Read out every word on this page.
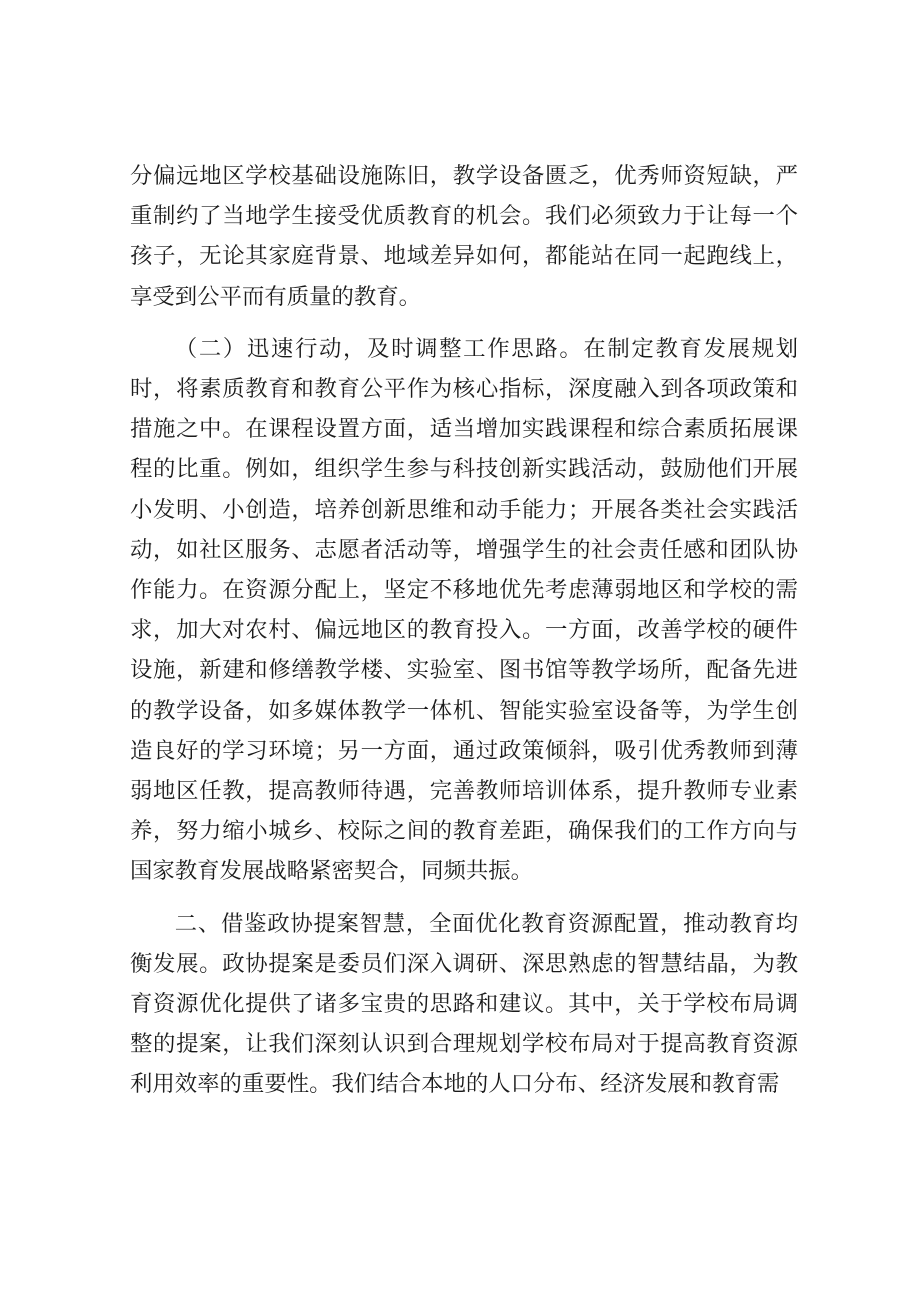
分偏远地区学校基础设施陈旧，教学设备匮乏，优秀师资短缺，严重制约了当地学生接受优质教育的机会。我们必须致力于让每一个孩子，无论其家庭背景、地域差异如何，都能站在同一起跑线上，享受到公平而有质量的教育。

（二）迅速行动，及时调整工作思路。在制定教育发展规划时，将素质教育和教育公平作为核心指标，深度融入到各项政策和措施之中。在课程设置方面，适当增加实践课程和综合素质拓展课程的比重。例如，组织学生参与科技创新实践活动，鼓励他们开展小发明、小创造，培养创新思维和动手能力；开展各类社会实践活动，如社区服务、志愿者活动等，增强学生的社会责任感和团队协作能力。在资源分配上，坚定不移地优先考虑薄弱地区和学校的需求，加大对农村、偏远地区的教育投入。一方面，改善学校的硬件设施，新建和修缮教学楼、实验室、图书馆等教学场所，配备先进的教学设备，如多媒体教学一体机、智能实验室设备等，为学生创造良好的学习环境；另一方面，通过政策倾斜，吸引优秀教师到薄弱地区任教，提高教师待遇，完善教师培训体系，提升教师专业素养，努力缩小城乡、校际之间的教育差距，确保我们的工作方向与国家教育发展战略紧密契合，同频共振。

二、借鉴政协提案智慧，全面优化教育资源配置，推动教育均衡发展。政协提案是委员们深入调研、深思熟虑的智慧结晶，为教育资源优化提供了诸多宝贵的思路和建议。其中，关于学校布局调整的提案，让我们深刻认识到合理规划学校布局对于提高教育资源利用效率的重要性。我们结合本地的人口分布、经济发展和教育需
